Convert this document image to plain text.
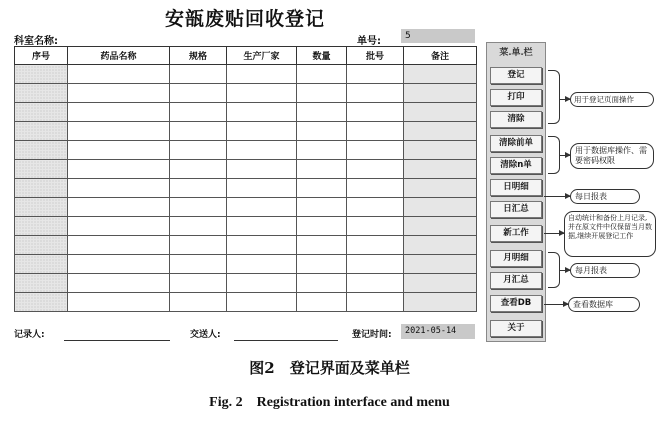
安瓿废贴回收登记
科室名称:	单号:	5
序号	药品名称	规格	生产厂家	数量	批号	备注

记录人:	交送人:	登记时间:	2021-05-14
菜.单.栏
登记
打印
清除
清除前单
清除n单
日明细
日汇总
新工作
月明细
月汇总
查看DB
关于
用于登记页面操作
用于数据库操作、需要密码权限
每日报表
自动统计和备份上月记录,并在原文件中仅保留当月数据,继续开展登记工作
每月报表
查看数据库
图2　登记界面及菜单栏
Fig. 2　Registration interface and menu
